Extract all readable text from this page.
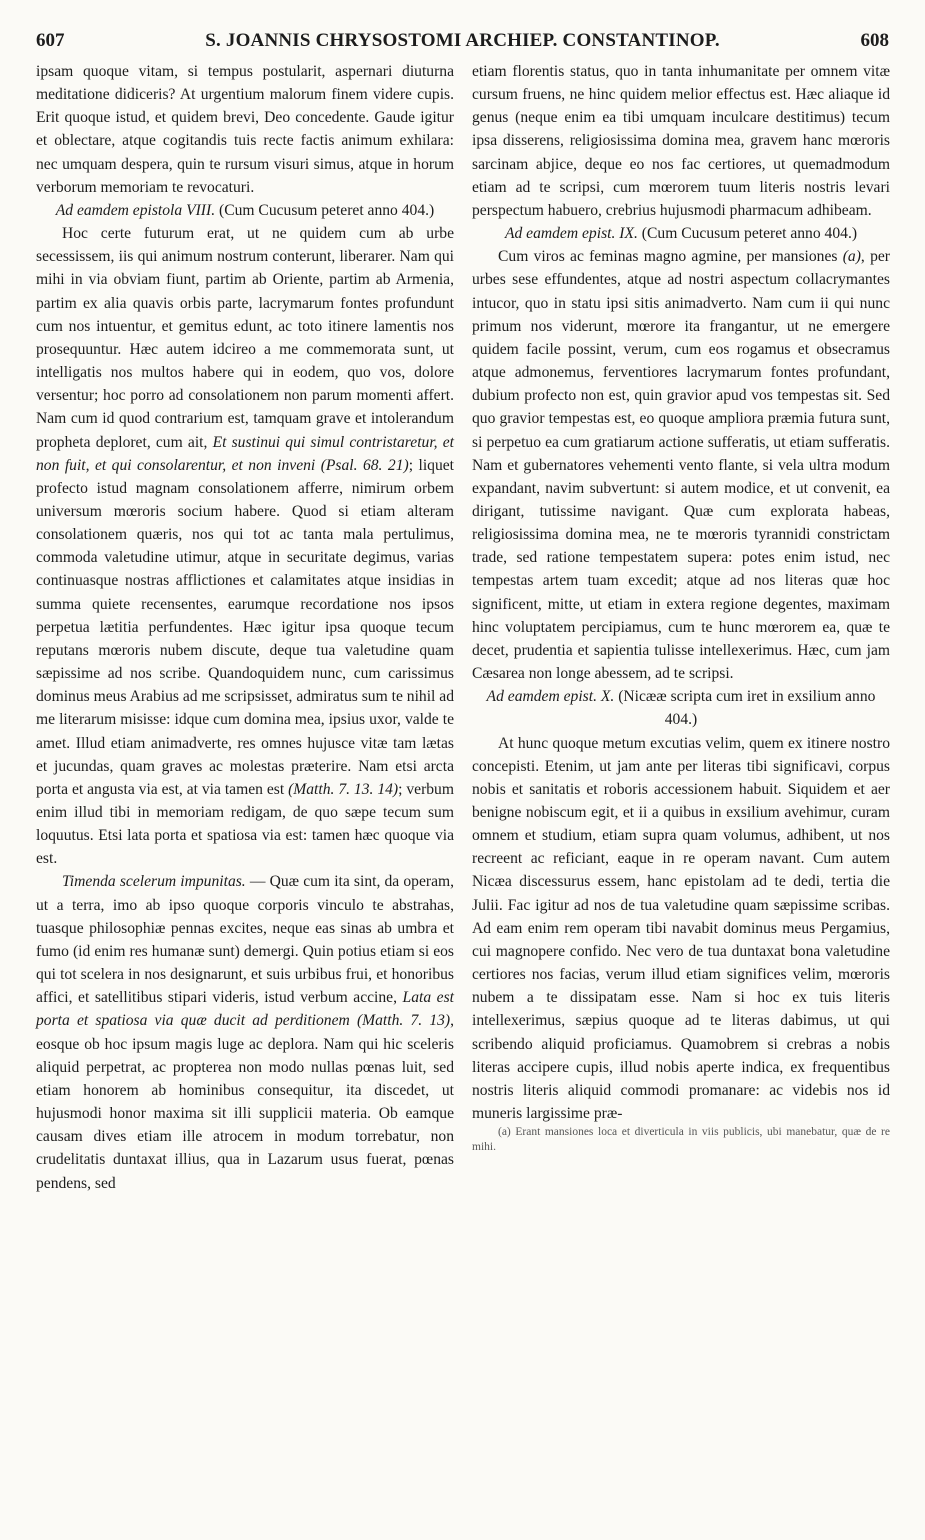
607	S. JOANNIS CHRYSOSTOMI ARCHIEP. CONSTANTINOP.	608

ipsam quoque vitam, si tempus postularit, aspernari diuturna meditatione didiceris? At urgentium malorum finem videre cupis. Erit quoque istud, et quidem brevi, Deo concedente. Gaude igitur et oblectare, atque cogitandis tuis recte factis animum exhilara: nec umquam despera, quin te rursum visuri simus, atque in horum verborum memoriam te revocaturi.

Ad eamdem epistola VIII. (Cum Cucusum peteret anno 404.)

Hoc certe futurum erat, ut ne quidem cum ab urbe secessissem, iis qui animum nostrum conterunt, liberarer. Nam qui mihi in via obviam fiunt, partim ab Oriente, partim ab Armenia, partim ex alia quavis orbis parte, lacrymarum fontes profundunt cum nos intuentur, et gemitus edunt, ac toto itinere lamentis nos prosequuntur. Hæc autem idcireo a me commemorata sunt, ut intelligatis nos multos habere qui in eodem, quo vos, dolore versentur; hoc porro ad consolationem non parum momenti affert. Nam cum id quod contrarium est, tamquam grave et intolerandum propheta deploret, cum ait, Et sustinui qui simul contristaretur, et non fuit, et qui consolarentur, et non inveni (Psal. 68. 21); liquet profecto istud magnam consolationem afferre, nimirum orbem universum mœroris socium habere. Quod si etiam alteram consolationem quæris, nos qui tot ac tanta mala pertulimus, commoda valetudine utimur, atque in securitate degimus, varias continuasque nostras afflictiones et calamitates atque insidias in summa quiete recensentes, earumque recordatione nos ipsos perpetua lætitia perfundentes. Hæc igitur ipsa quoque tecum reputans mœroris nubem discute, deque tua valetudine quam sæpissime ad nos scribe. Quandoquidem nunc, cum carissimus dominus meus Arabius ad me scripsisset, admiratus sum te nihil ad me literarum misisse: idque cum domina mea, ipsius uxor, valde te amet. Illud etiam animadverte, res omnes hujusce vitæ tam lætas et jucundas, quam graves ac molestas præterire. Nam etsi arcta porta et angusta via est, at via tamen est (Matth. 7. 13. 14); verbum enim illud tibi in memoriam redigam, de quo sæpe tecum sum loquutus. Etsi lata porta et spatiosa via est: tamen hæc quoque via est.

Timenda scelerum impunitas. — Quæ cum ita sint, da operam, ut a terra, imo ab ipso quoque corporis vinculo te abstrahas, tuasque philosophiæ pennas excites, neque eas sinas ab umbra et fumo (id enim res humanæ sunt) demergi. Quin potius etiam si eos qui tot scelera in nos designarunt, et suis urbibus frui, et honoribus affici, et satellitibus stipari videris, istud verbum accine, Lata est porta et spatiosa via quæ ducit ad perditionem (Matth. 7. 13), eosque ob hoc ipsum magis luge ac deplora. Nam qui hic sceleris aliquid perpetrat, ac propterea non modo nullas pœnas luit, sed etiam honorem ab hominibus consequitur, ita discedet, ut hujusmodi honor maxima sit illi supplicii materia. Ob eamque causam dives etiam ille atrocem in modum torrebatur, non crudelitatis duntaxat illius, qua in Lazarum usus fuerat, pœnas pendens, sed

etiam florentis status, quo in tanta inhumanitate per omnem vitæ cursum fruens, ne hinc quidem melior effectus est. Hæc aliaque id genus (neque enim ea tibi umquam inculcare destitimus) tecum ipsa disserens, religiosissima domina mea, gravem hanc mœroris sarcinam abjice, deque eo nos fac certiores, ut quemadmodum etiam ad te scripsi, cum mœrorem tuum literis nostris levari perspectum habuero, crebrius hujusmodi pharmacum adhibeam.

Ad eamdem epist. IX. (Cum Cucusum peteret anno 404.)

Cum viros ac feminas magno agmine, per mansiones (a), per urbes sese effundentes, atque ad nostri aspectum collacrymantes intucor, quo in statu ipsi sitis animadverto. Nam cum ii qui nunc primum nos viderunt, mœrore ita frangantur, ut ne emergere quidem facile possint, verum, cum eos rogamus et obsecramus atque admonemus, ferventiores lacrymarum fontes profundant, dubium profecto non est, quin gravior apud vos tempestas sit. Sed quo gravior tempestas est, eo quoque ampliora præmia futura sunt, si perpetuo ea cum gratiarum actione sufferatis, ut etiam sufferatis. Nam et gubernatores vehementi vento flante, si vela ultra modum expandant, navim subvertunt: si autem modice, et ut convenit, ea dirigant, tutissime navigant. Quæ cum explorata habeas, religiosissima domina mea, ne te mœroris tyrannidi constrictam trade, sed ratione tempestatem supera: potes enim istud, nec tempestas artem tuam excedit; atque ad nos literas quæ hoc significent, mitte, ut etiam in extera regione degentes, maximam hinc voluptatem percipiamus, cum te hunc mœrorem ea, quæ te decet, prudentia et sapientia tulisse intellexerimus. Hæc, cum jam Cæsarea non longe abessem, ad te scripsi.

Ad eamdem epist. X. (Nicææ scripta cum iret in exsilium anno 404.)

At hunc quoque metum excutias velim, quem ex itinere nostro concepisti. Etenim, ut jam ante per literas tibi significavi, corpus nobis et sanitatis et roboris accessionem habuit. Siquidem et aer benigne nobiscum egit, et ii a quibus in exsilium avehimur, curam omnem et studium, etiam supra quam volumus, adhibent, ut nos recreent ac reficiant, eaque in re operam navant. Cum autem Nicæa discessurus essem, hanc epistolam ad te dedi, tertia die Julii. Fac igitur ad nos de tua valetudine quam sæpissime scribas. Ad eam enim rem operam tibi navabit dominus meus Pergamius, cui magnopere confido. Nec vero de tua duntaxat bona valetudine certiores nos facias, verum illud etiam significes velim, mœroris nubem a te dissipatam esse. Nam si hoc ex tuis literis intellexerimus, sæpius quoque ad te literas dabimus, ut qui scribendo aliquid proficiamus. Quamobrem si crebras a nobis literas accipere cupis, illud nobis aperte indica, ex frequentibus nostris literis aliquid commodi promanare: ac videbis nos id muneris largissime præ-

(a) Erant mansiones loca et diverticula in viis publicis, ubi manebatur, quæ de re mihi.
